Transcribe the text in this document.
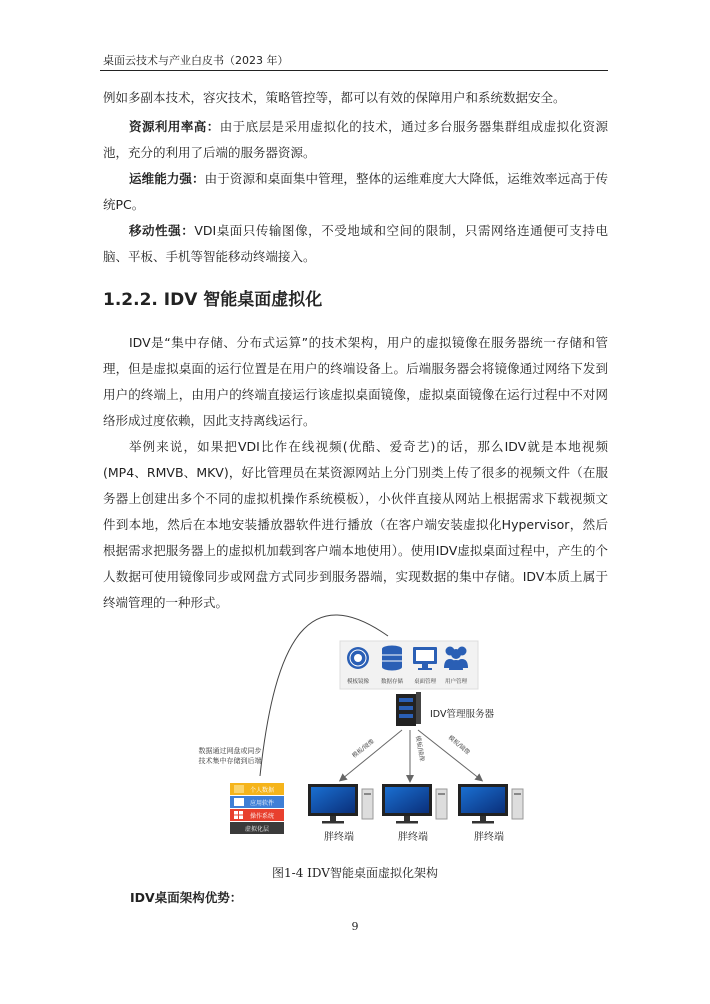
桌面云技术与产业白皮书（2023 年）

例如多副本技术，容灾技术，策略管控等，都可以有效的保障用户和系统数据安全。

资源利用率高：由于底层是采用虚拟化的技术，通过多台服务器集群组成虚拟化资源池，充分的利用了后端的服务器资源。

运维能力强：由于资源和桌面集中管理，整体的运维难度大大降低，运维效率远高于传统PC。

移动性强：VDI桌面只传输图像，不受地域和空间的限制，只需网络连通便可支持电脑、平板、手机等智能移动终端接入。

1.2.2. IDV 智能桌面虚拟化

IDV是“集中存储、分布式运算”的技术架构，用户的虚拟镜像在服务器统一存储和管理，但是虚拟桌面的运行位置是在用户的终端设备上。后端服务器会将镜像通过网络下发到用户的终端上，由用户的终端直接运行该虚拟桌面镜像，虚拟桌面镜像在运行过程中不对网络形成过度依赖，因此支持离线运行。

举例来说，如果把VDI比作在线视频(优酷、爱奇艺)的话，那么IDV就是本地视频(MP4、RMVB、MKV)，好比管理员在某资源网站上分门别类上传了很多的视频文件（在服务器上创建出多个不同的虚拟机操作系统模板），小伙伴直接从网站上根据需求下载视频文件到本地，然后在本地安装播放器软件进行播放（在客户端安装虚拟化Hypervisor，然后根据需求把服务器上的虚拟机加载到客户端本地使用）。使用IDV虚拟桌面过程中，产生的个人数据可使用镜像同步或网盘方式同步到服务器端，实现数据的集中存储。IDV本质上属于终端管理的一种形式。

模板镜像 数据存储 桌面管理 用户管理
IDV管理服务器
模板/镜像	模板/镜像	模板/镜像
数据通过网盘或同步
技术集中存储到后端
个人数据
应用软件
操作系统
虚拟化层
胖终端	胖终端	胖终端
图1-4 IDV智能桌面虚拟化架构
IDV桌面架构优势：
9
